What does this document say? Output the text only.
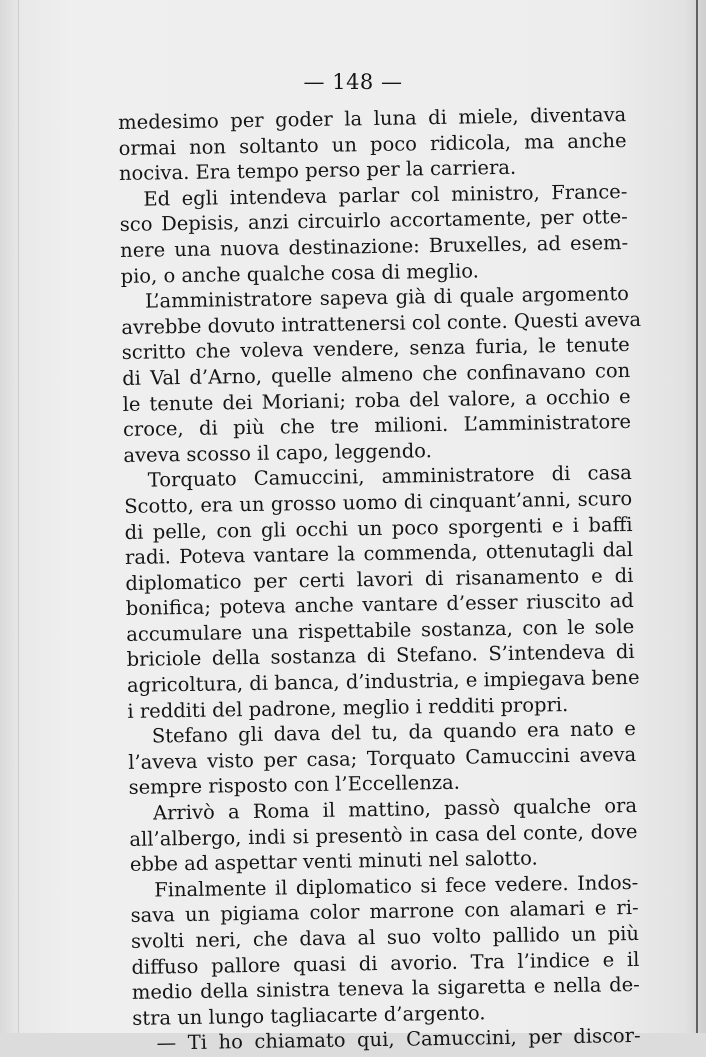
— 148 —
medesimo per goder la luna di miele, diventava
ormai non soltanto un poco ridicola, ma anche
nociva. Era tempo perso per la carriera.
Ed egli intendeva parlar col ministro, France-
sco Depisis, anzi circuirlo accortamente, per otte-
nere una nuova destinazione: Bruxelles, ad esem-
pio, o anche qualche cosa di meglio.
L’amministratore sapeva già di quale argomento
avrebbe dovuto intrattenersi col conte. Questi aveva
scritto che voleva vendere, senza furia, le tenute
di Val d’Arno, quelle almeno che confinavano con
le tenute dei Moriani; roba del valore, a occhio e
croce, di più che tre milioni. L’amministratore
aveva scosso il capo, leggendo.
Torquato Camuccini, amministratore di casa
Scotto, era un grosso uomo di cinquant’anni, scuro
di pelle, con gli occhi un poco sporgenti e i baffi
radi. Poteva vantare la commenda, ottenutagli dal
diplomatico per certi lavori di risanamento e di
bonifica; poteva anche vantare d’esser riuscito ad
accumulare una rispettabile sostanza, con le sole
briciole della sostanza di Stefano. S’intendeva di
agricoltura, di banca, d’industria, e impiegava bene
i redditi del padrone, meglio i redditi propri.
Stefano gli dava del tu, da quando era nato e
l’aveva visto per casa; Torquato Camuccini aveva
sempre risposto con l’Eccellenza.
Arrivò a Roma il mattino, passò qualche ora
all’albergo, indi si presentò in casa del conte, dove
ebbe ad aspettar venti minuti nel salotto.
Finalmente il diplomatico si fece vedere. Indos-
sava un pigiama color marrone con alamari e ri-
svolti neri, che dava al suo volto pallido un più
diffuso pallore quasi di avorio. Tra l’indice e il
medio della sinistra teneva la sigaretta e nella de-
stra un lungo tagliacarte d’argento.
— Ti ho chiamato qui, Camuccini, per discor-
